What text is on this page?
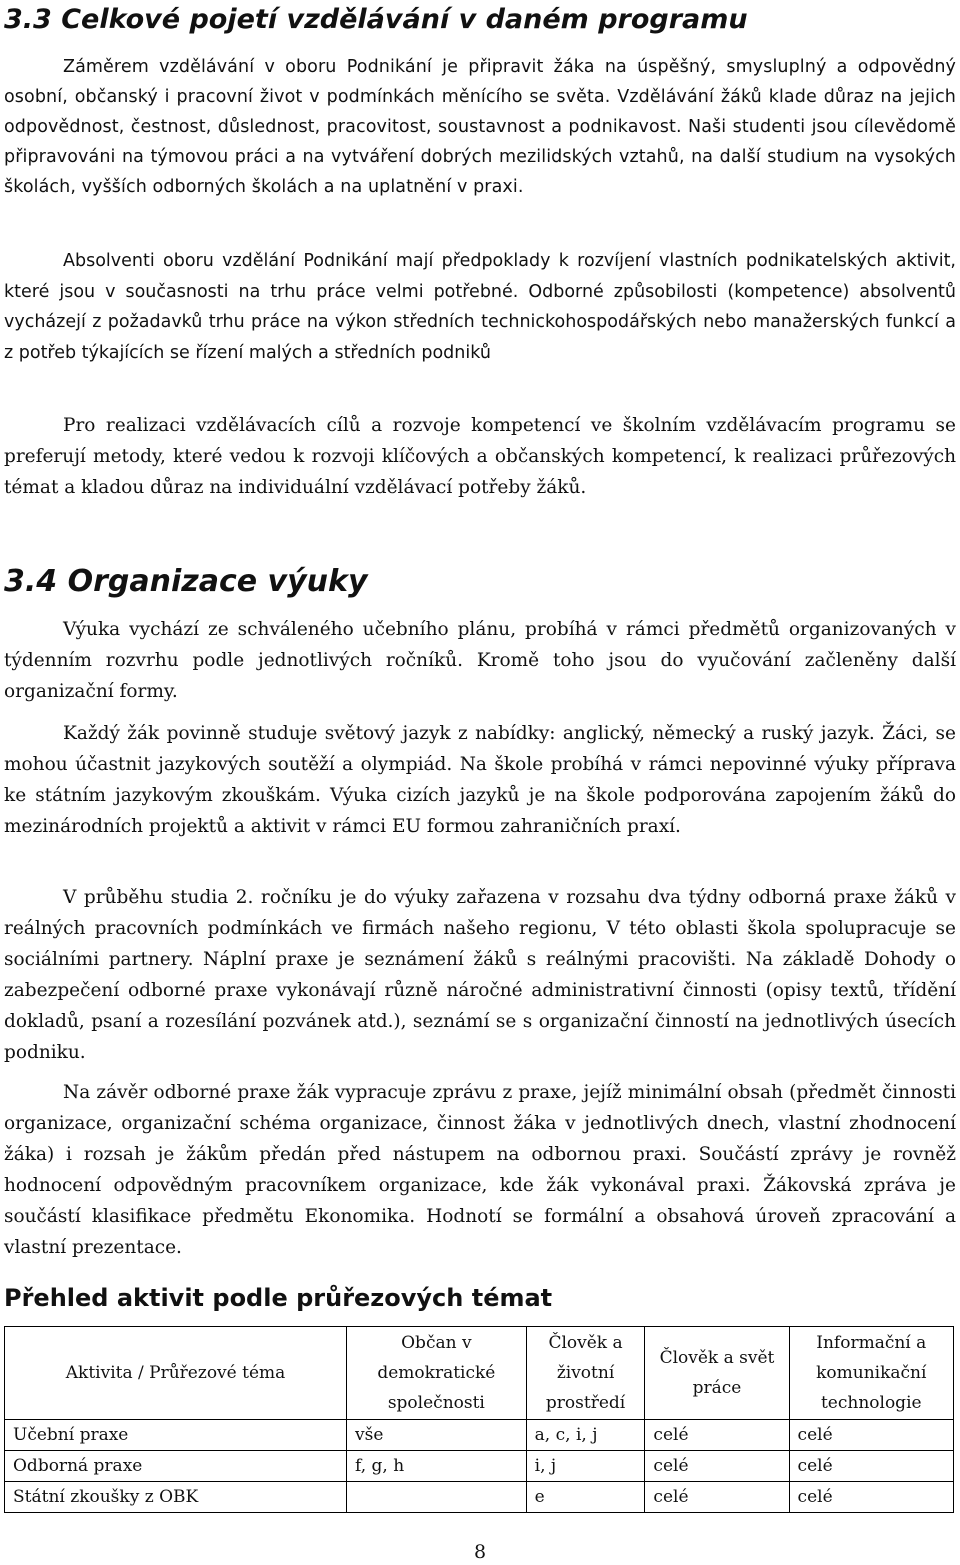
3.3 Celkové pojetí vzdělávání v daném programu

Záměrem vzdělávání v oboru Podnikání je připravit žáka na úspěšný, smysluplný a odpovědný osobní, občanský i pracovní život v podmínkách měnícího se světa. Vzdělávání žáků klade důraz na jejich odpovědnost, čestnost, důslednost, pracovitost, soustavnost a podnikavost. Naši studenti jsou cílevědomě připravováni na týmovou práci a na vytváření dobrých mezilidských vztahů, na další studium na vysokých školách, vyšších odborných školách a na uplatnění v praxi.

Absolventi oboru vzdělání Podnikání mají předpoklady k rozvíjení vlastních podnikatelských aktivit, které jsou v současnosti na trhu práce velmi potřebné. Odborné způsobilosti (kompetence) absolventů vycházejí z požadavků trhu práce na výkon středních technickohospodářských nebo manažerských funkcí a z potřeb týkajících se řízení malých a středních podniků

Pro realizaci vzdělávacích cílů a rozvoje kompetencí ve školním vzdělávacím programu se preferují metody, které vedou k rozvoji klíčových a občanských kompetencí, k realizaci průřezových témat a kladou důraz na individuální vzdělávací potřeby žáků.

3.4 Organizace výuky

Výuka vychází ze schváleného učebního plánu, probíhá v rámci předmětů organizovaných v týdenním rozvrhu podle jednotlivých ročníků. Kromě toho jsou do vyučování začleněny další organizační formy.

Každý žák povinně studuje světový jazyk z nabídky: anglický, německý a ruský jazyk. Žáci, se mohou účastnit jazykových soutěží a olympiád. Na škole probíhá v rámci nepovinné výuky příprava ke státním jazykovým zkouškám. Výuka cizích jazyků je na škole podporována zapojením žáků do mezinárodních projektů a aktivit v rámci EU formou zahraničních praxí.

V průběhu studia 2. ročníku je do výuky zařazena v rozsahu dva týdny odborná praxe žáků v reálných pracovních podmínkách ve firmách našeho regionu, V této oblasti škola spolupracuje se sociálními partnery. Náplní praxe je seznámení žáků s reálnými pracovišti. Na základě Dohody o zabezpečení odborné praxe vykonávají různě náročné administrativní činnosti (opisy textů, třídění dokladů, psaní a rozesílání pozvánek atd.), seznámí se s organizační činností na jednotlivých úsecích podniku.

Na závěr odborné praxe žák vypracuje zprávu z praxe, jejíž minimální obsah (předmět činnosti organizace, organizační schéma organizace, činnost žáka v jednotlivých dnech, vlastní zhodnocení žáka) i rozsah je žákům předán před nástupem na odbornou praxi. Součástí zprávy je rovněž hodnocení odpovědným pracovníkem organizace, kde žák vykonával praxi. Žákovská zpráva je součástí klasifikace předmětu Ekonomika. Hodnotí se formální a obsahová úroveň zpracování a vlastní prezentace.

Přehled aktivit podle průřezových témat
Aktivita / Průřezové téma	Občan v demokratické společnosti	Člověk a životní prostředí	Člověk a svět práce	Informační a komunikační technologie
Učební praxe	vše	a, c, i, j	celé	celé
Odborná praxe	f, g, h	i, j	celé	celé
Státní zkoušky z OBK		e	celé	celé
8
